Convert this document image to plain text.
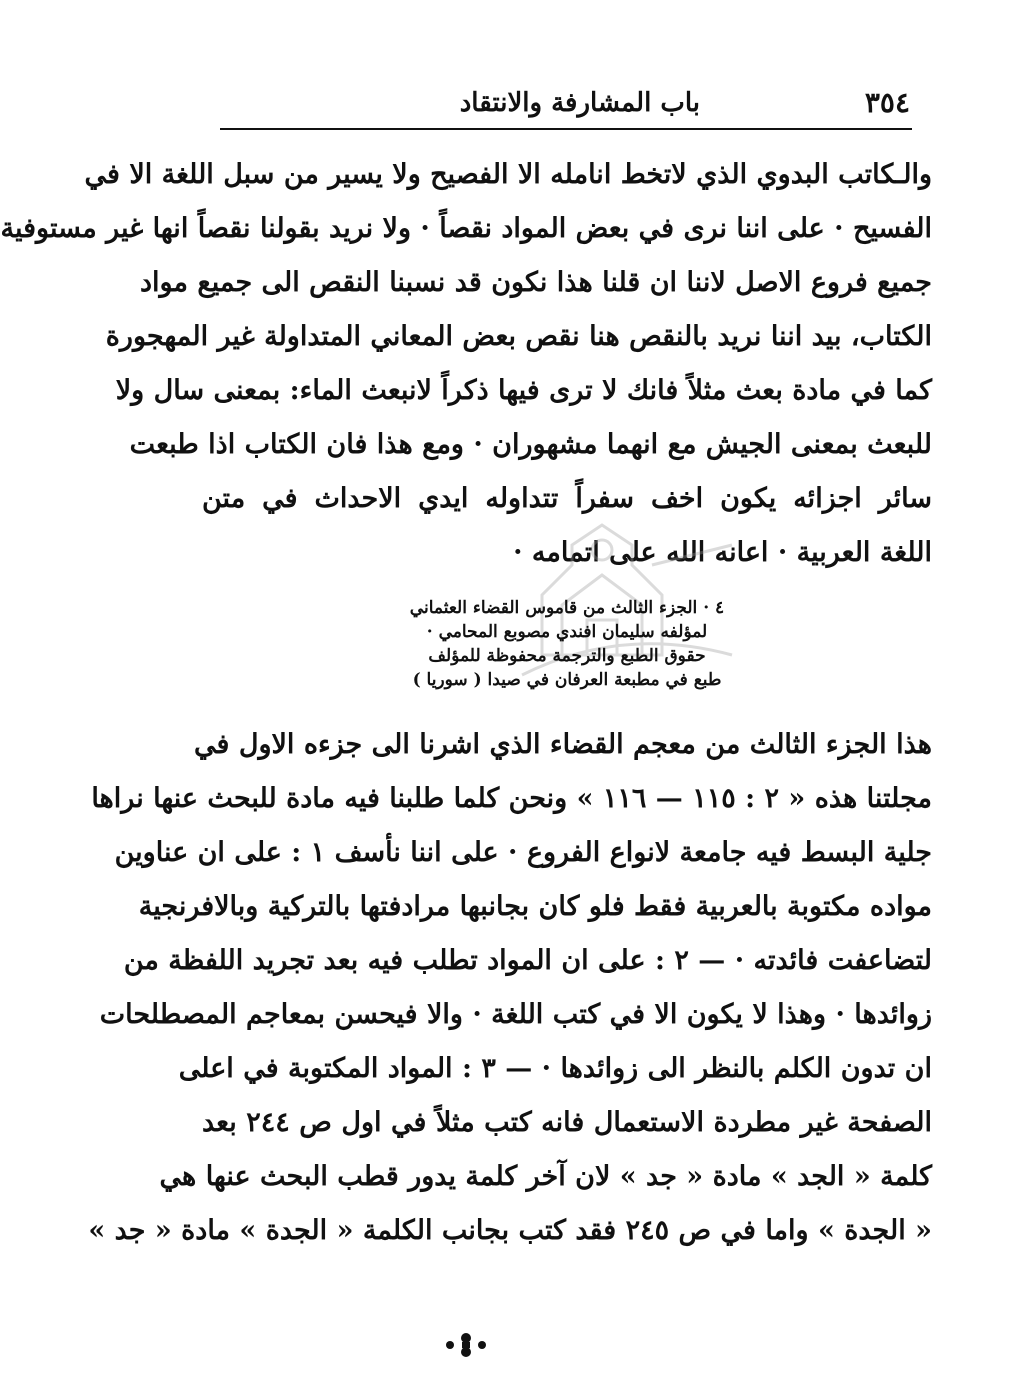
٣٥٤
باب المشارفة والانتقاد
والـكاتب البدوي الذي لاتخط انامله الا الفصيح ولا يسير من سبل اللغة الا في
الفسيح · على اننا نرى في بعض المواد نقصاً · ولا نريد بقولنا نقصاً انها غير مستوفية
جميع فروع الاصل لاننا ان قلنا هذا نكون قد نسبنا النقص الى جميع مواد
الكتاب، بيد اننا نريد بالنقص هنا نقص بعض المعاني المتداولة غير المهجورة
كما في مادة بعث مثلاً فانك لا ترى فيها ذكراً لانبعث الماء: بمعنى سال ولا
للبعث بمعنى الجيش مع انهما مشهوران · ومع هذا فان الكتاب اذا طبعت
سائر اجزائه يكون اخف سفراً تتداوله ايدي الاحداث في متن
اللغة العربية · اعانه الله على اتمامه ·
٤ · الجزء الثالث من قاموس القضاء العثماني
لمؤلفه سليمان افندي مصوبع المحامي ·
حقوق الطبع والترجمة محفوظة للمؤلف
طبع في مطبعة العرفان في صيدا ( سوريا )
هذا الجزء الثالث من معجم القضاء الذي اشرنا الى جزءه الاول في
مجلتنا هذه « ٢ : ١١٥ — ١١٦ » ونحن كلما طلبنا فيه مادة للبحث عنها نراها
جلية البسط فيه جامعة لانواع الفروع · على اننا نأسف ١ : على ان عناوين
مواده مكتوبة بالعربية فقط فلو كان بجانبها مرادفتها بالتركية وبالافرنجية
لتضاعفت فائدته · — ٢ : على ان المواد تطلب فيه بعد تجريد اللفظة من
زوائدها · وهذا لا يكون الا في كتب اللغة · والا فيحسن بمعاجم المصطلحات
ان تدون الكلم بالنظر الى زوائدها · — ٣ : المواد المكتوبة في اعلى
الصفحة غير مطردة الاستعمال فانه كتب مثلاً في اول ص ٢٤٤ بعد
كلمة « الجد » مادة « جد » لان آخر كلمة يدور قطب البحث عنها هي
« الجدة » واما في ص ٢٤٥ فقد كتب بجانب الكلمة « الجدة » مادة « جد »
